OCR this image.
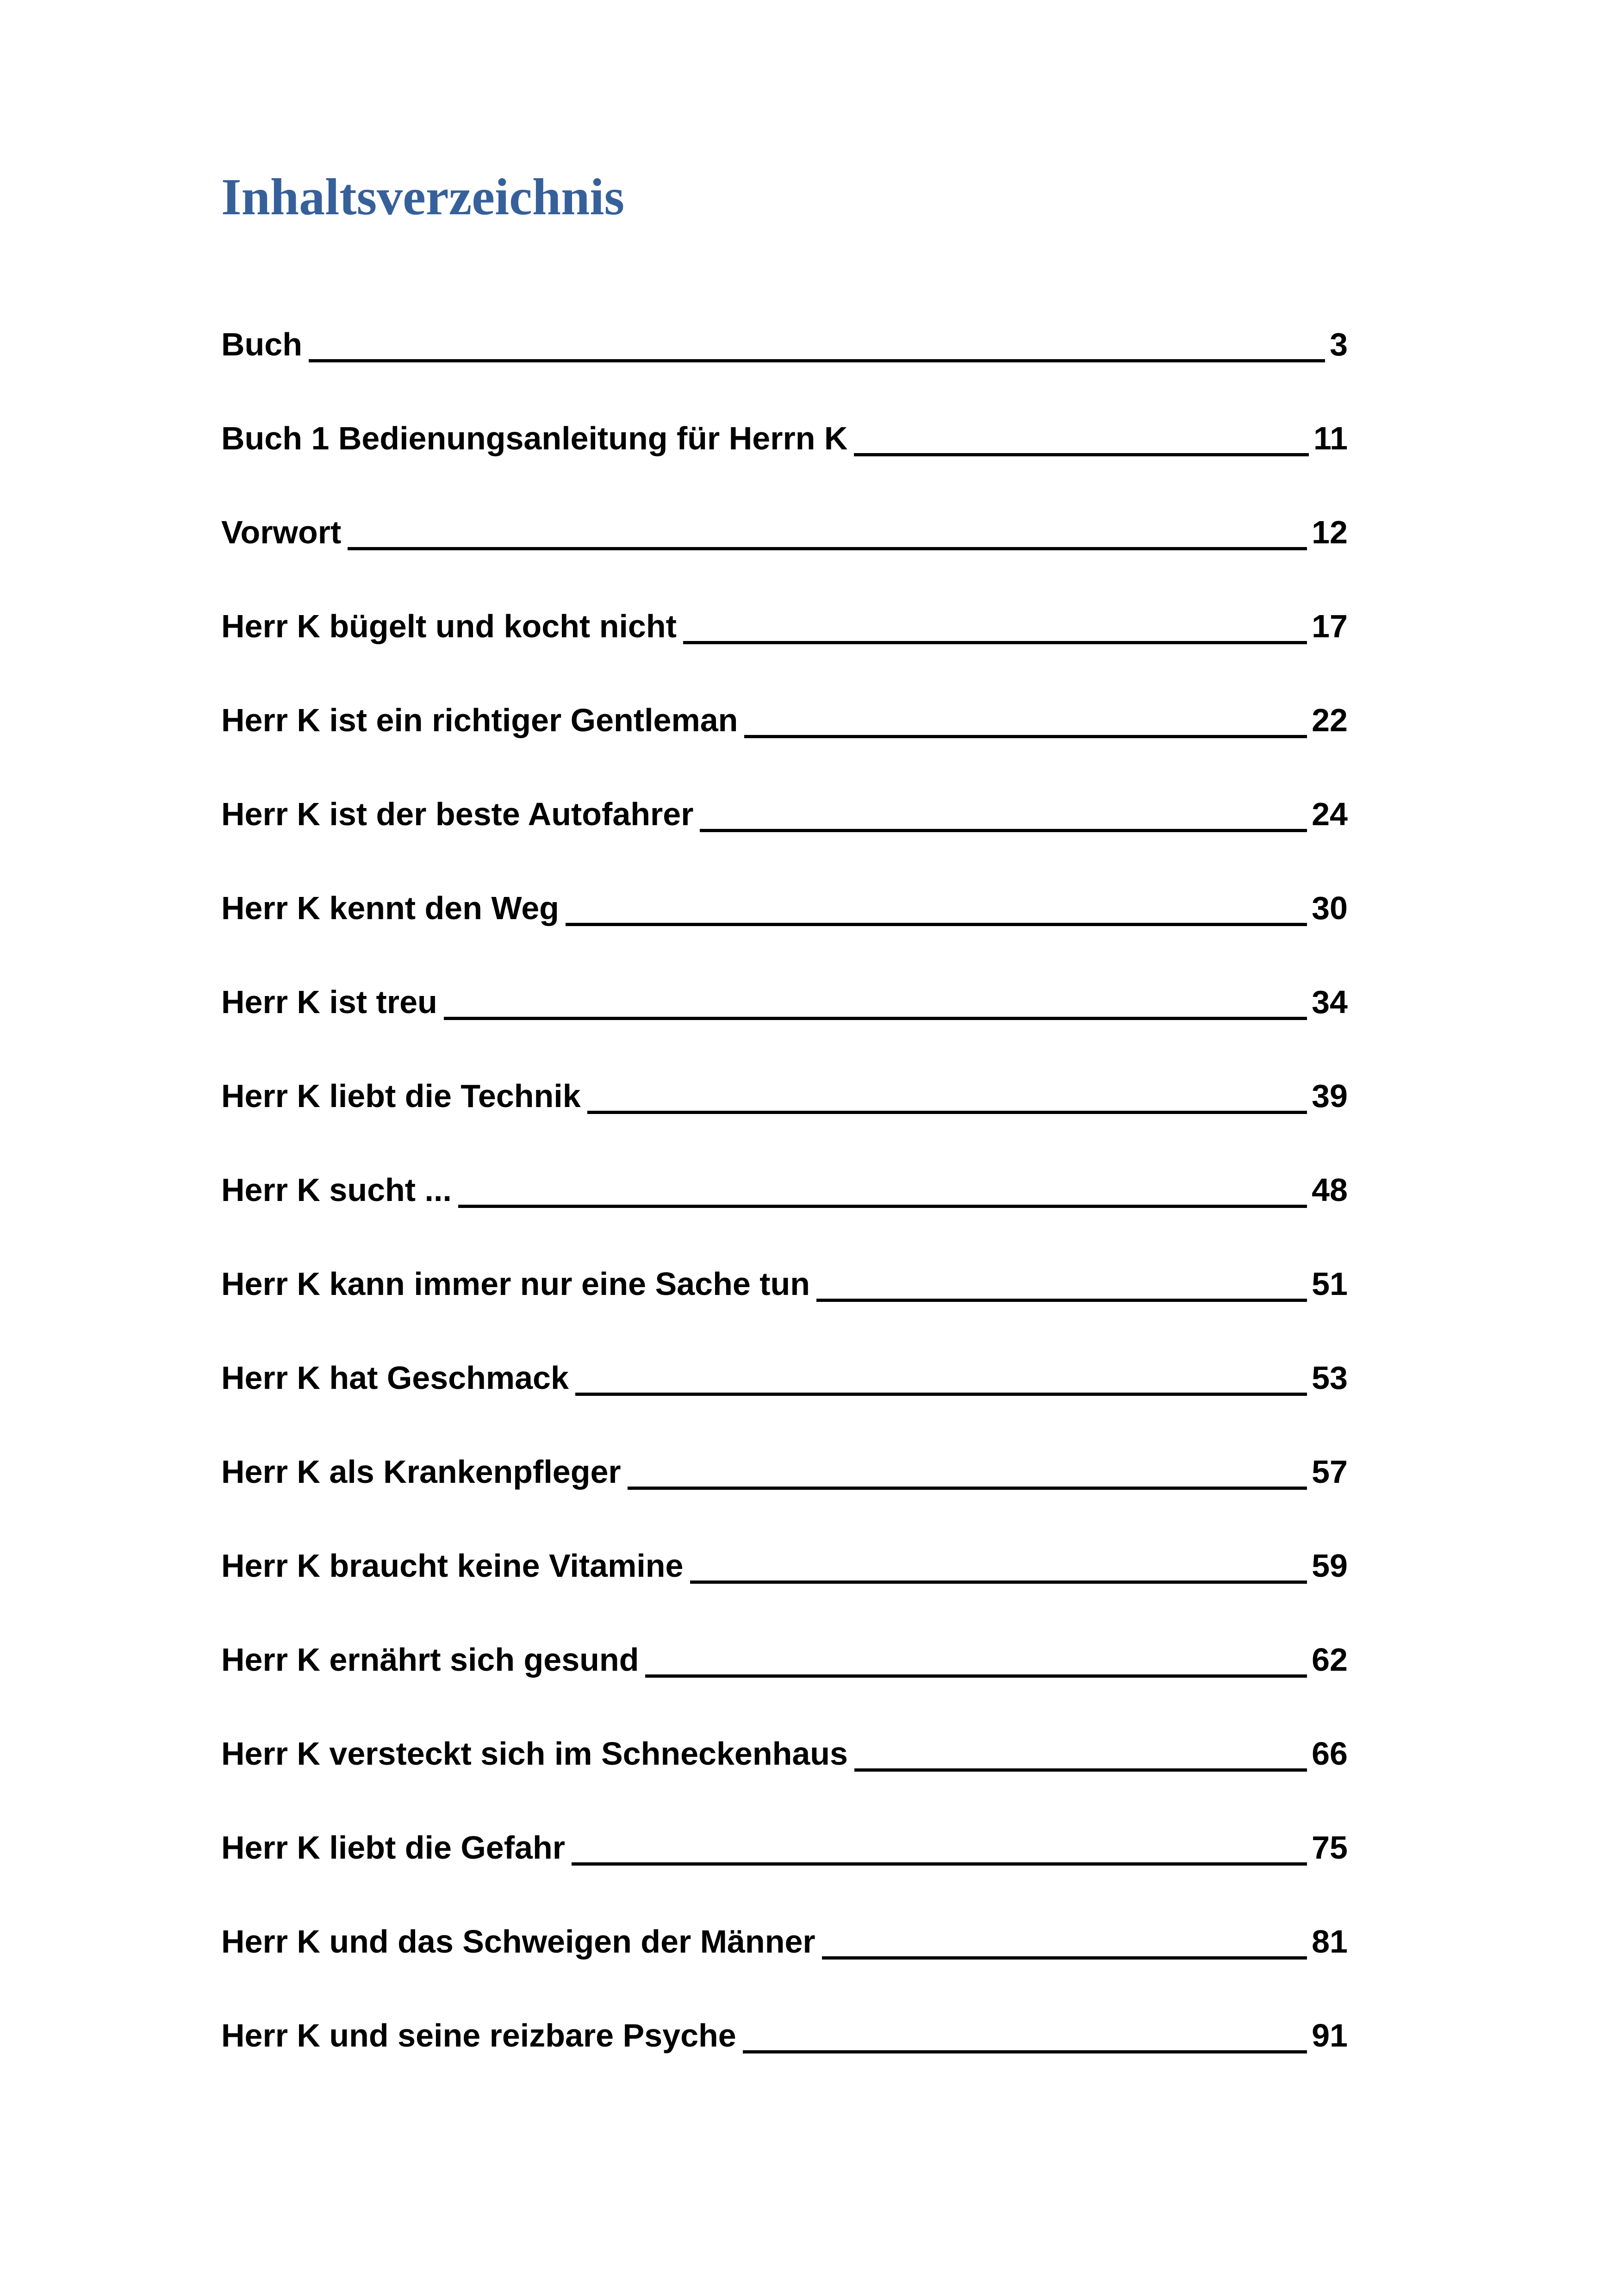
Inhaltsverzeichnis
Buch	3
Buch 1 Bedienungsanleitung für Herrn K	11
Vorwort	12
Herr K bügelt und kocht nicht	17
Herr K ist ein richtiger Gentleman	22
Herr K ist der beste Autofahrer	24
Herr K kennt den Weg	30
Herr K ist treu	34
Herr K liebt die Technik	39
Herr K sucht ...	48
Herr K kann immer nur eine Sache tun	51
Herr K hat Geschmack	53
Herr K als Krankenpfleger	57
Herr K braucht keine Vitamine	59
Herr K ernährt sich gesund	62
Herr K versteckt sich im Schneckenhaus	66
Herr K liebt die Gefahr	75
Herr K und das Schweigen der Männer	81
Herr K und seine reizbare Psyche	91
